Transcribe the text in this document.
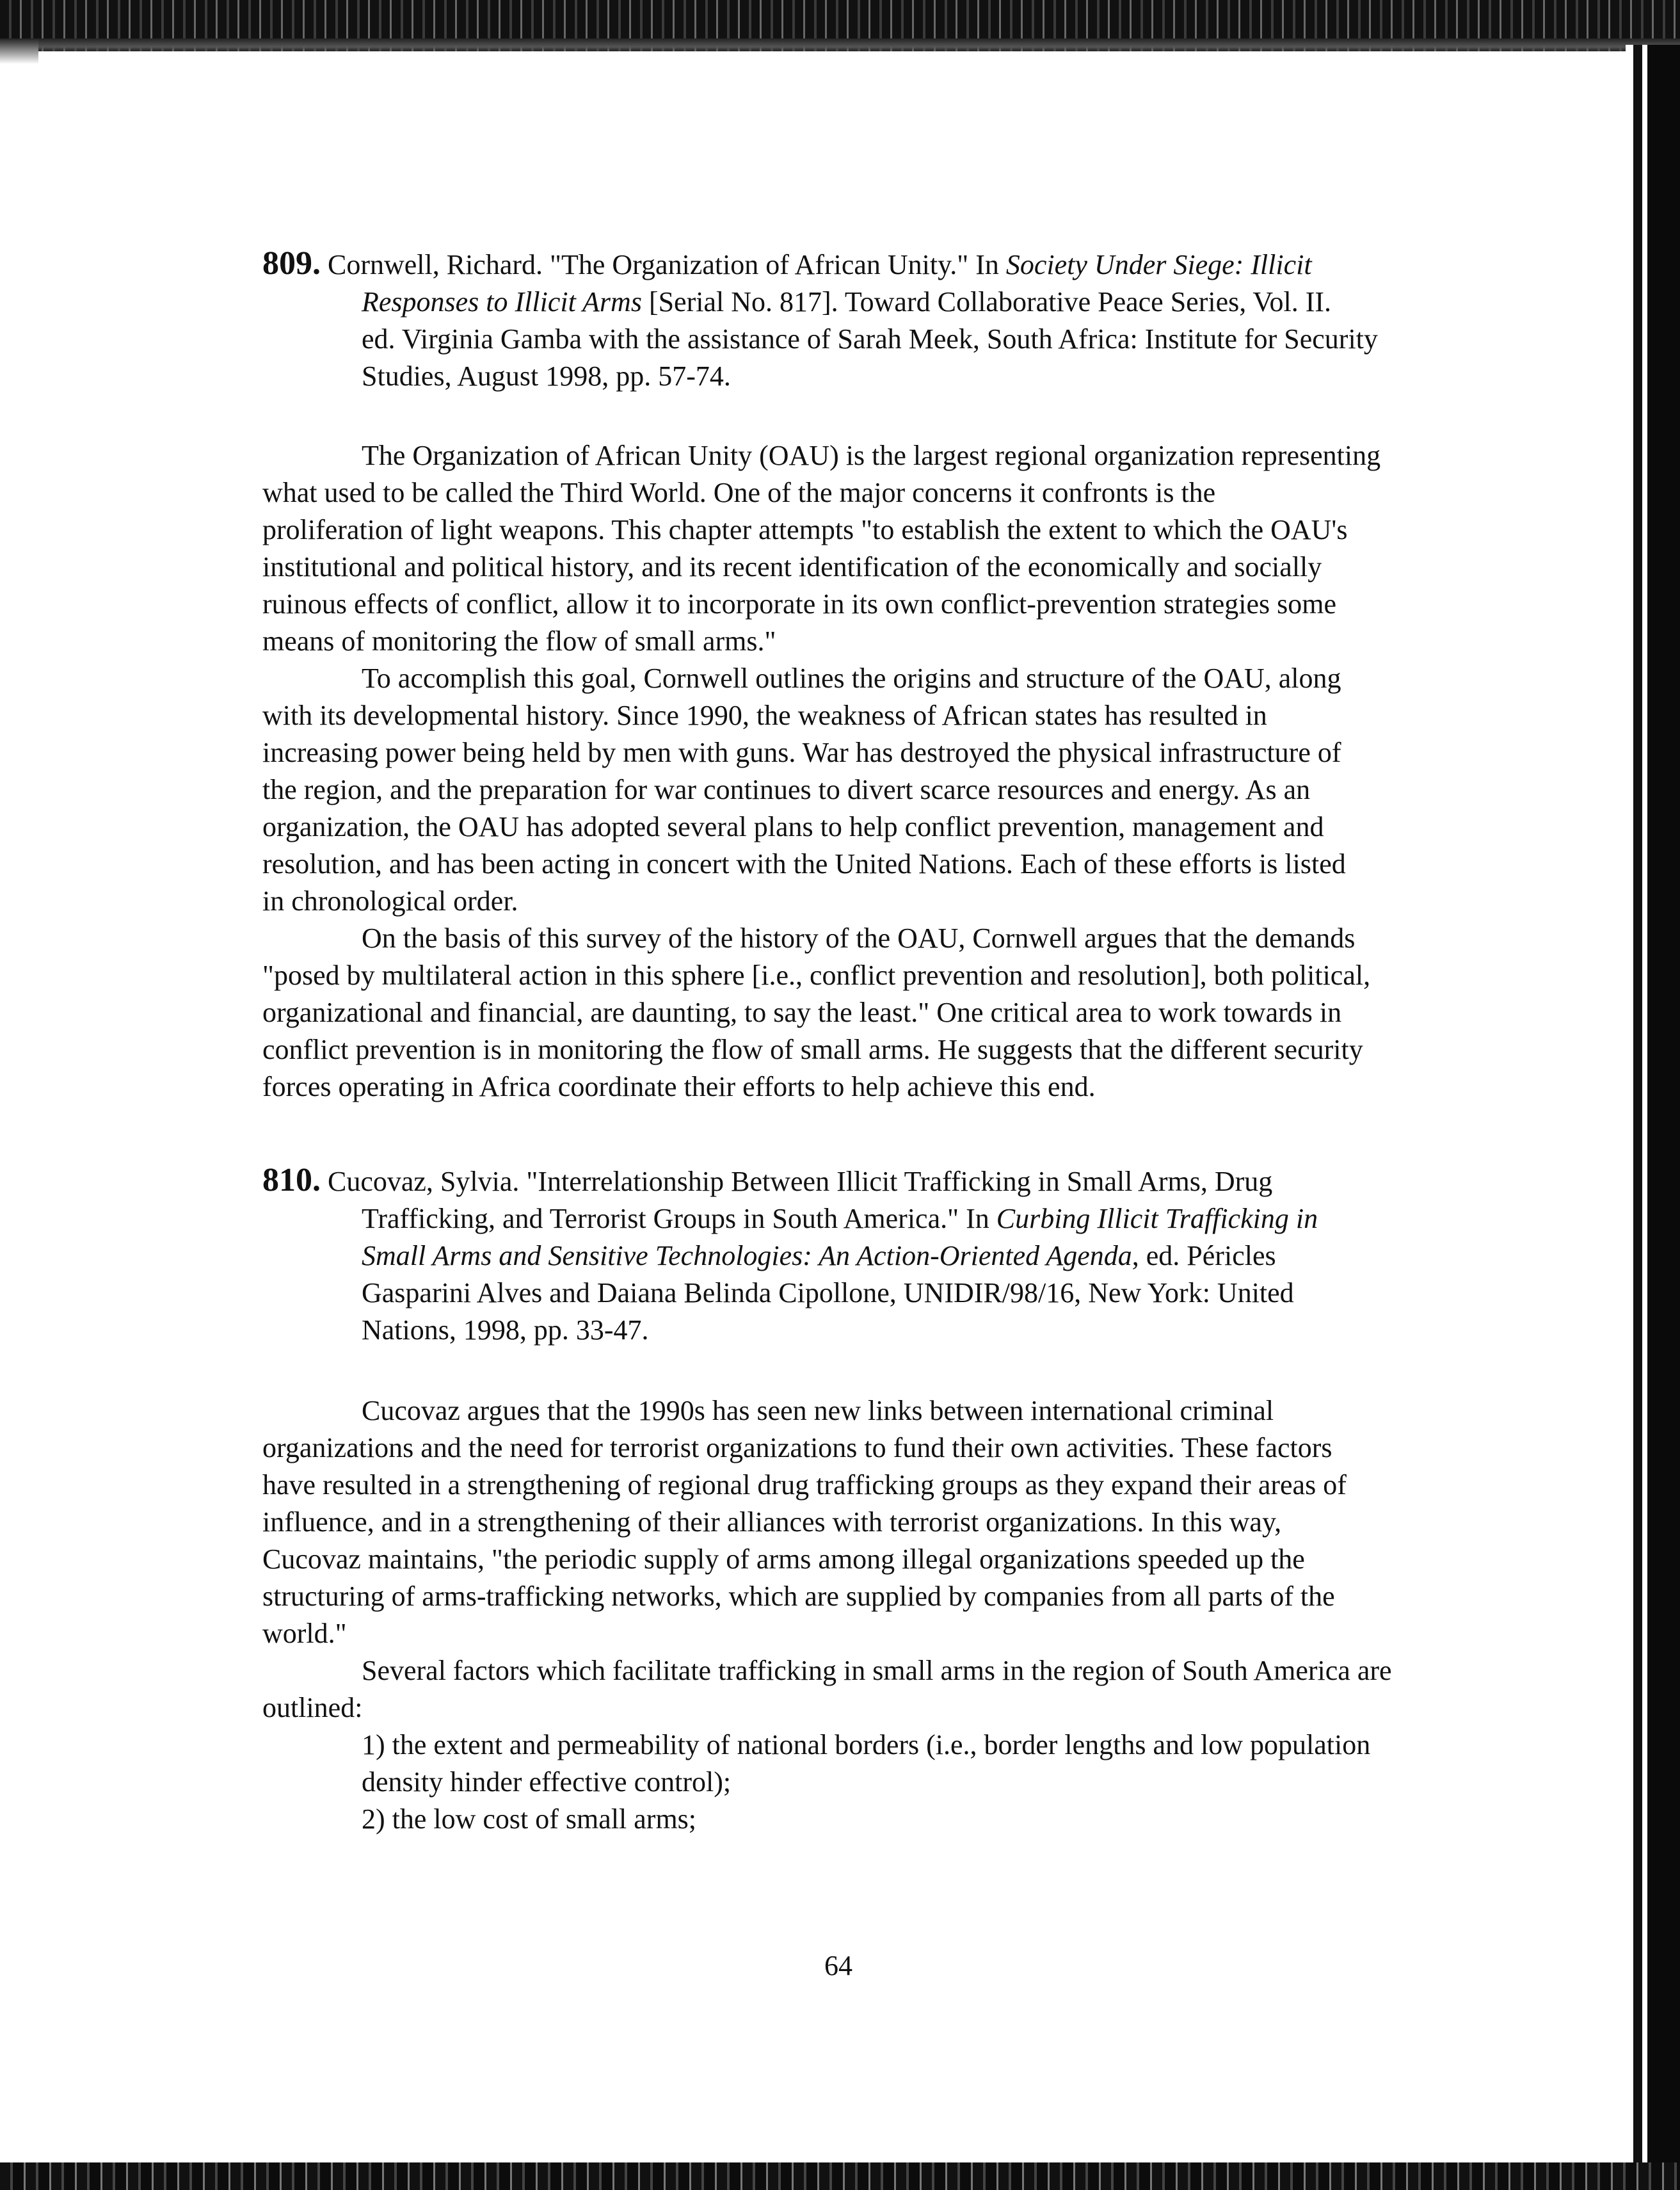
809. Cornwell, Richard. "The Organization of African Unity." In Society Under Siege: Illicit
Responses to Illicit Arms [Serial No. 817]. Toward Collaborative Peace Series, Vol. II.
ed. Virginia Gamba with the assistance of Sarah Meek, South Africa: Institute for Security
Studies, August 1998, pp. 57-74.
The Organization of African Unity (OAU) is the largest regional organization representing
what used to be called the Third World. One of the major concerns it confronts is the
proliferation of light weapons. This chapter attempts "to establish the extent to which the OAU's
institutional and political history, and its recent identification of the economically and socially
ruinous effects of conflict, allow it to incorporate in its own conflict-prevention strategies some
means of monitoring the flow of small arms."
To accomplish this goal, Cornwell outlines the origins and structure of the OAU, along
with its developmental history. Since 1990, the weakness of African states has resulted in
increasing power being held by men with guns. War has destroyed the physical infrastructure of
the region, and the preparation for war continues to divert scarce resources and energy. As an
organization, the OAU has adopted several plans to help conflict prevention, management and
resolution, and has been acting in concert with the United Nations. Each of these efforts is listed
in chronological order.
On the basis of this survey of the history of the OAU, Cornwell argues that the demands
"posed by multilateral action in this sphere [i.e., conflict prevention and resolution], both political,
organizational and financial, are daunting, to say the least." One critical area to work towards in
conflict prevention is in monitoring the flow of small arms. He suggests that the different security
forces operating in Africa coordinate their efforts to help achieve this end.
810. Cucovaz, Sylvia. "Interrelationship Between Illicit Trafficking in Small Arms, Drug
Trafficking, and Terrorist Groups in South America." In Curbing Illicit Trafficking in
Small Arms and Sensitive Technologies: An Action-Oriented Agenda, ed. Péricles
Gasparini Alves and Daiana Belinda Cipollone, UNIDIR/98/16, New York: United
Nations, 1998, pp. 33-47.
Cucovaz argues that the 1990s has seen new links between international criminal
organizations and the need for terrorist organizations to fund their own activities. These factors
have resulted in a strengthening of regional drug trafficking groups as they expand their areas of
influence, and in a strengthening of their alliances with terrorist organizations. In this way,
Cucovaz maintains, "the periodic supply of arms among illegal organizations speeded up the
structuring of arms-trafficking networks, which are supplied by companies from all parts of the
world."
Several factors which facilitate trafficking in small arms in the region of South America are
outlined:
1) the extent and permeability of national borders (i.e., border lengths and low population
density hinder effective control);
2) the low cost of small arms;
64
